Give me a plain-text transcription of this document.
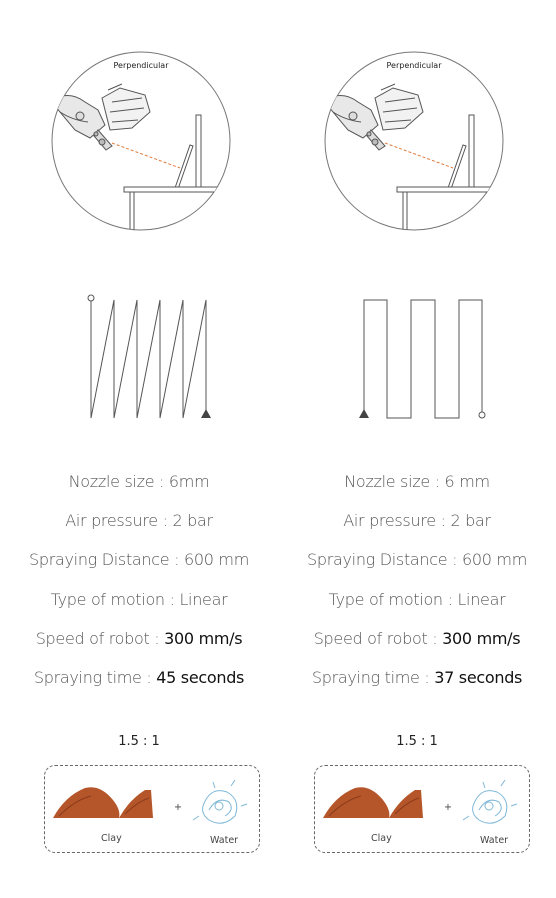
Perpendicular
Nozzle size : 6mm
Air pressure : 2 bar
Spraying Distance : 600 mm
Type of motion : Linear
Speed of robot : 300 mm/s
Spraying time : 45 seconds
1.5 : 1
+
Clay	Water
Perpendicular
Nozzle size : 6 mm
Air pressure : 2 bar
Spraying Distance : 600 mm
Type of motion : Linear
Speed of robot : 300 mm/s
Spraying time : 37 seconds
1.5 : 1
+
Clay	Water
